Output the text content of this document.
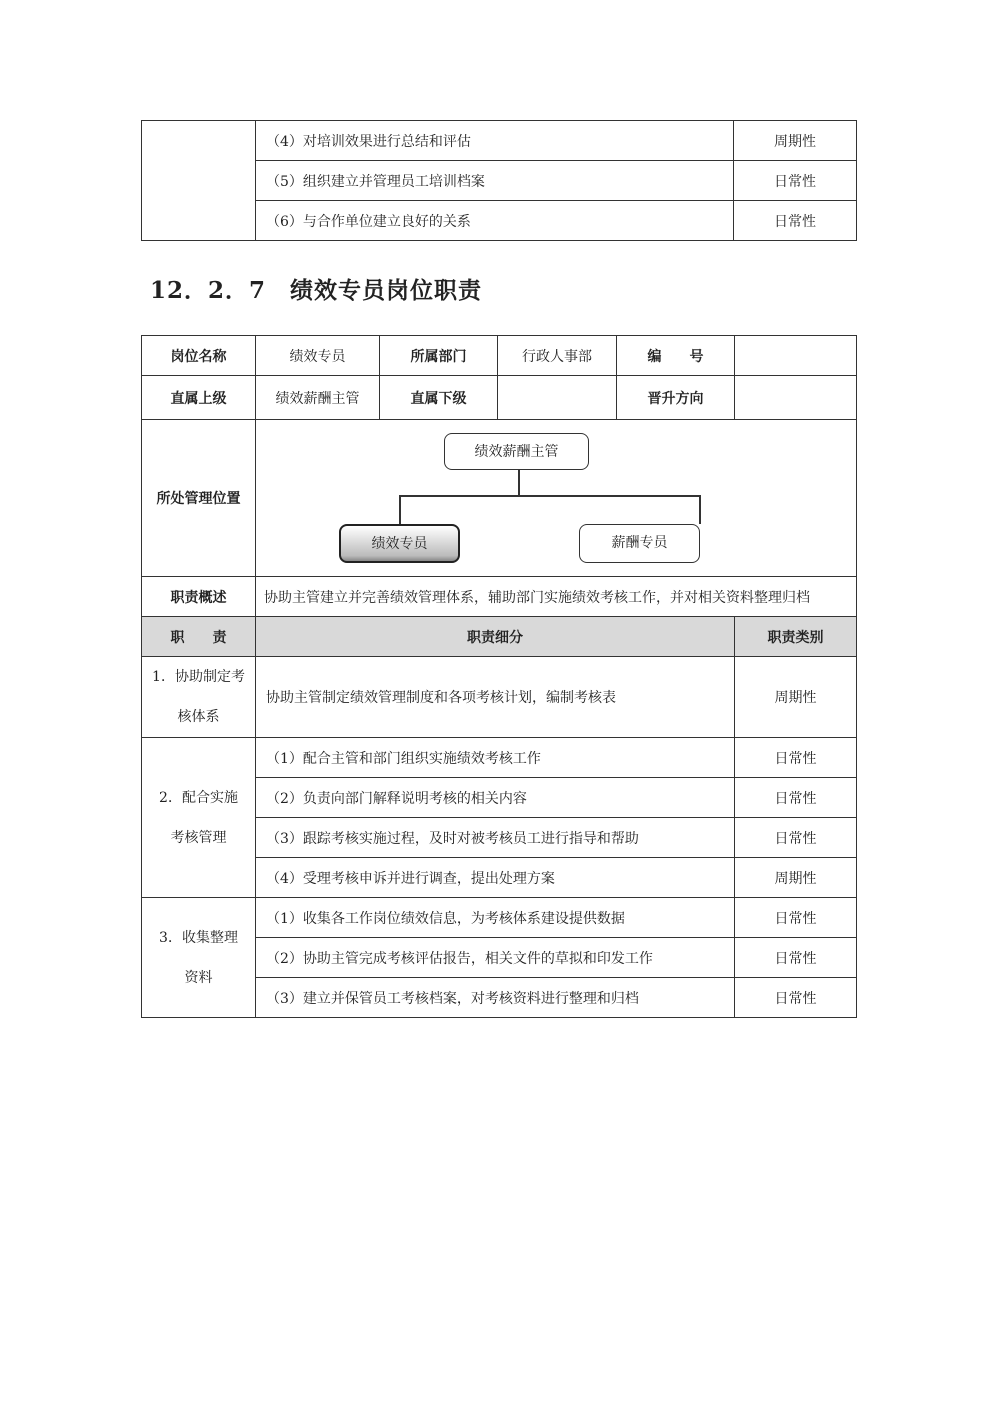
	（4）对培训效果进行总结和评估	周期性
	（5）组织建立并管理员工培训档案	日常性
	（6）与合作单位建立良好的关系	日常性
12．2．7　绩效专员岗位职责
岗位名称	绩效专员	所属部门	行政人事部	编　　号	
直属上级	绩效薪酬主管	直属下级		晋升方向	
所处管理位置	绩效薪酬主管
绩效专员 薪酬专员				

职责概述	协助主管建立并完善绩效管理体系，辅助部门实施绩效考核工作，并对相关资料整理归档				
职　　责	职责细分				职责类别

1．协助制定考
核体系	协助主管制定绩效管理制度和各项考核计划，编制考核表				周期性

2．配合实施
考核管理	（1）配合主管和部门组织实施绩效考核工作				日常性
	（2）负责向部门解释说明考核的相关内容				日常性
	（3）跟踪考核实施过程，及时对被考核员工进行指导和帮助				日常性
	（4）受理考核申诉并进行调查，提出处理方案				周期性

3．收集整理
资料	（1）收集各工作岗位绩效信息，为考核体系建设提供数据				日常性
	（2）协助主管完成考核评估报告，相关文件的草拟和印发工作				日常性
	（3）建立并保管员工考核档案，对考核资料进行整理和归档				日常性
